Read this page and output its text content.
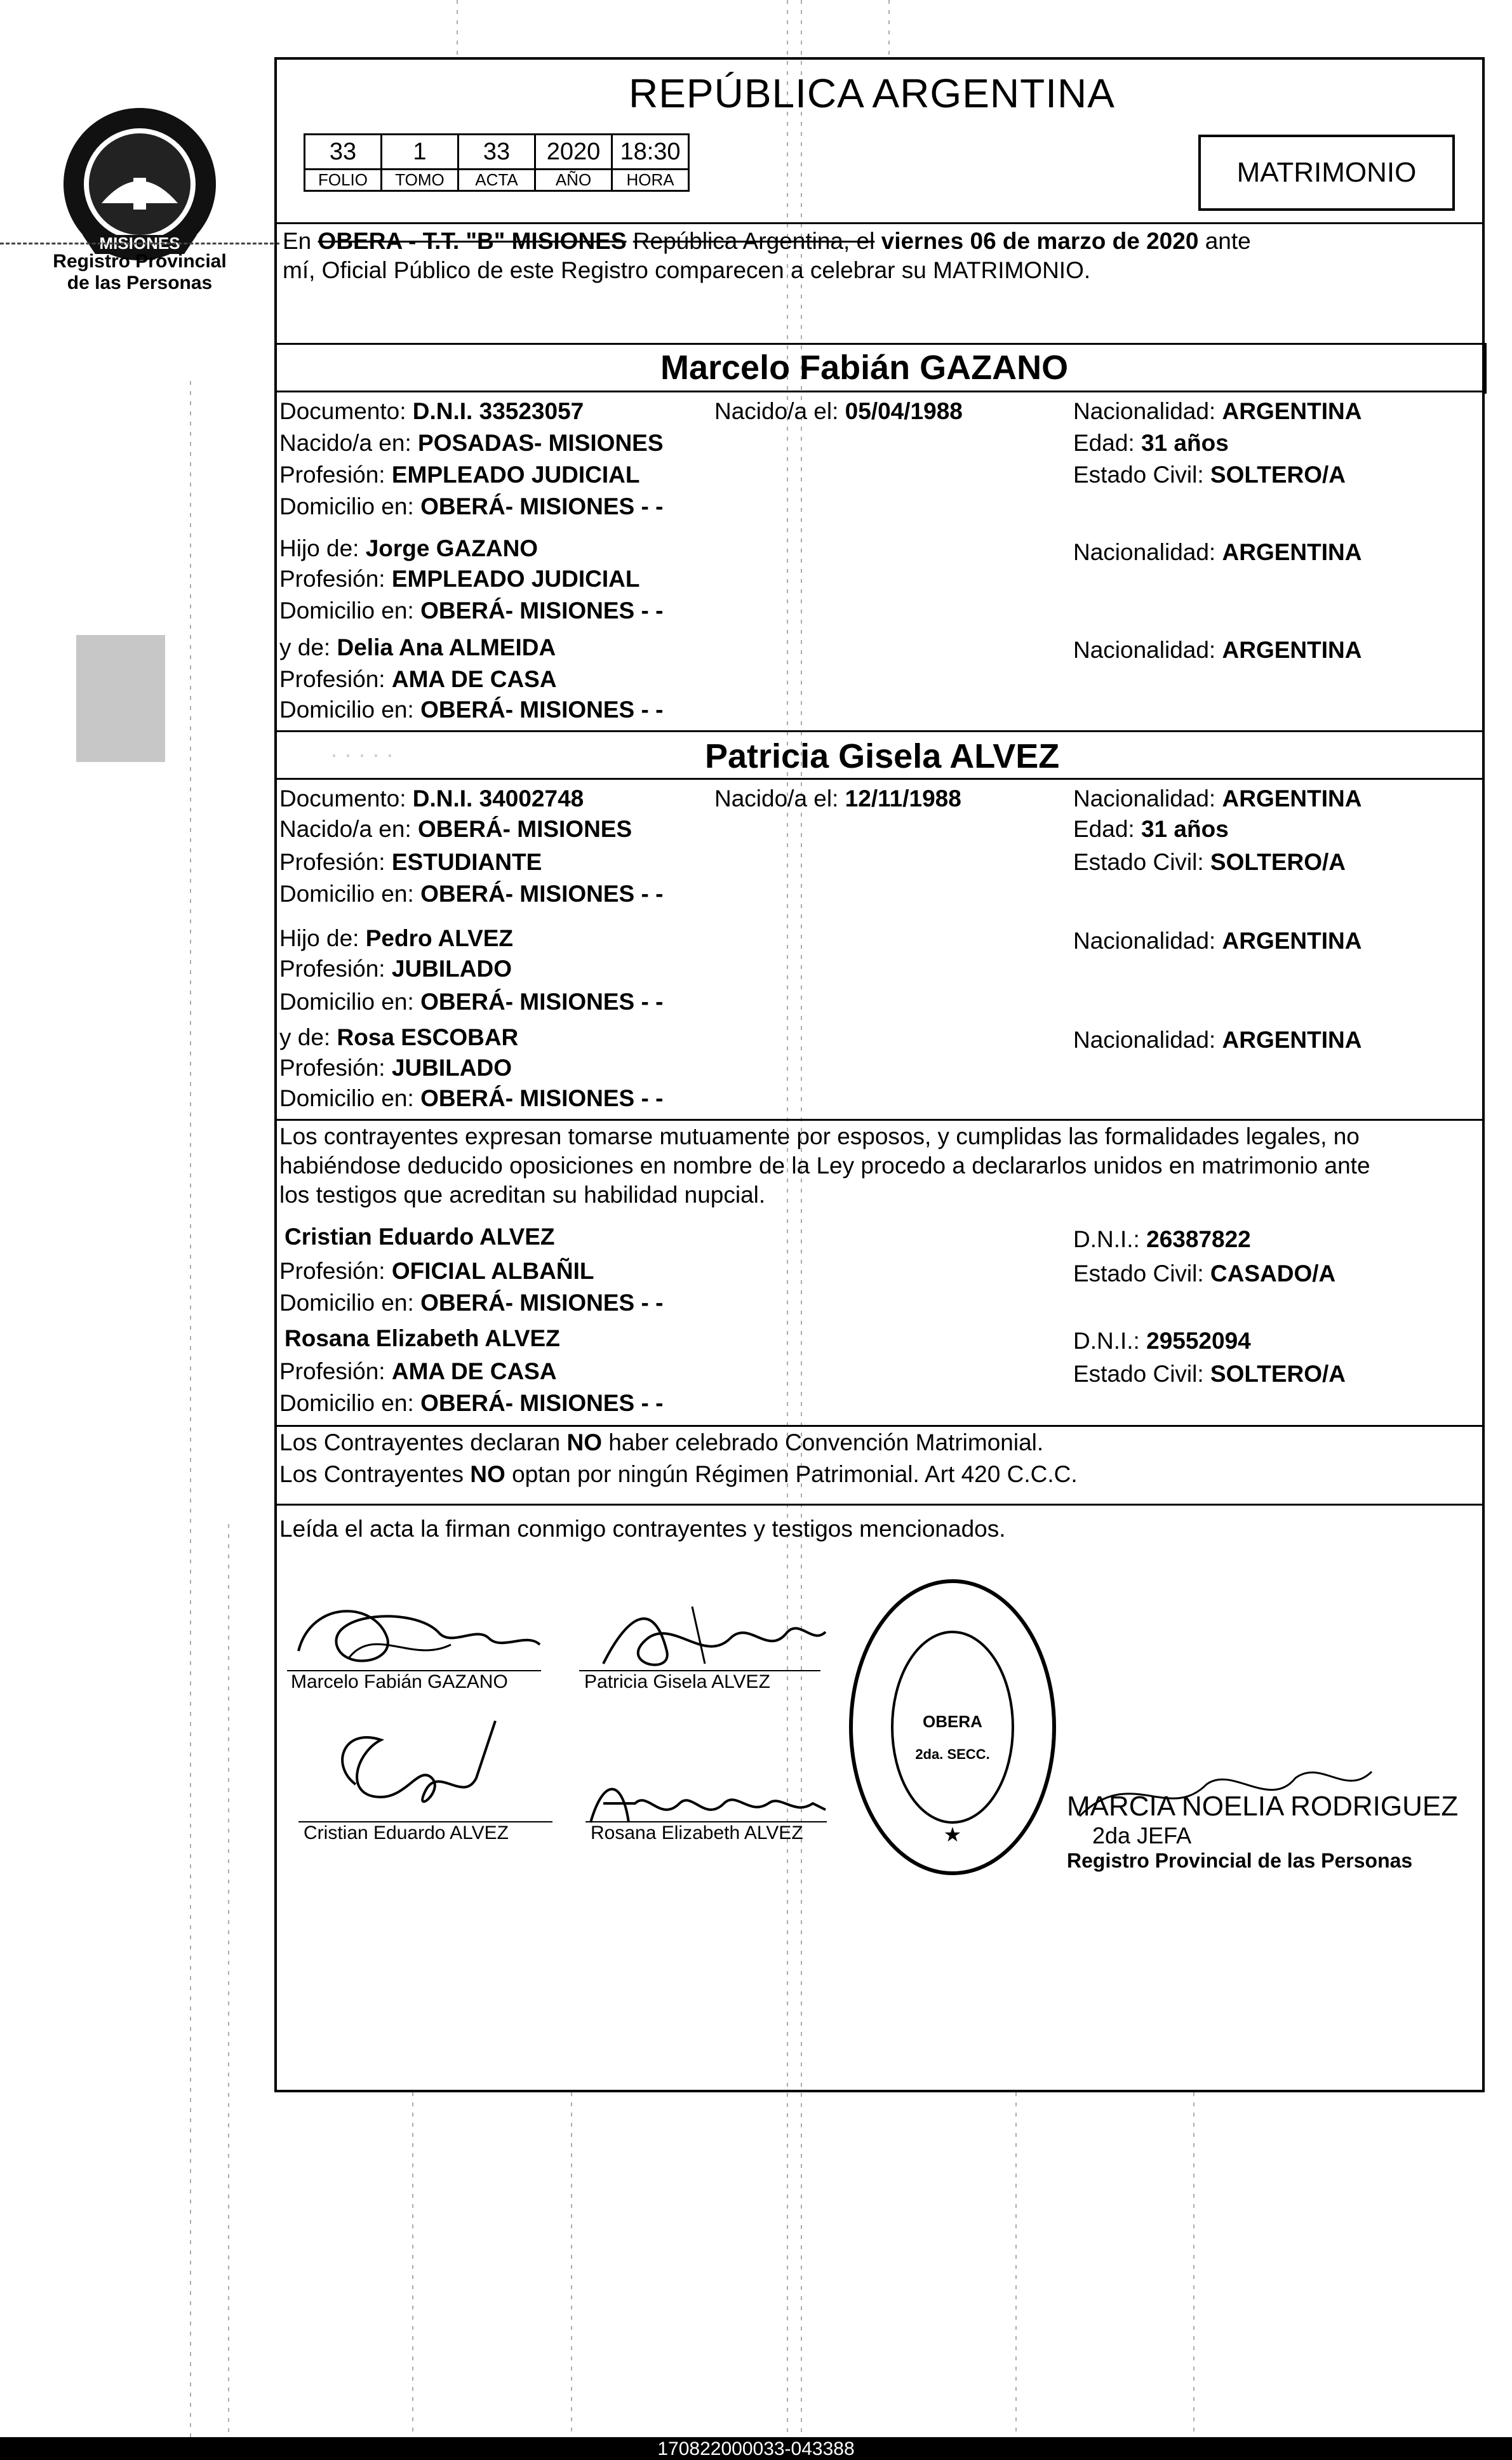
· · · · ·
MISIONES
Registro Provincial
de las Personas
REPÚBLICA ARGENTINA
33	1	33	2020	18:30
FOLIO	TOMO	ACTA	AÑO	HORA	MATRIMONIO
En OBERA - T.T. "B" MISIONES República Argentina, el viernes 06 de marzo de 2020 ante
mí, Oficial Público de este Registro comparecen a celebrar su MATRIMONIO.
Marcelo Fabián GAZANO
Documento: D.N.I. 33523057	Nacido/a el: 05/04/1988	Nacionalidad: ARGENTINA
Nacido/a en: POSADAS- MISIONES	Edad: 31 años
Profesión: EMPLEADO JUDICIAL	Estado Civil: SOLTERO/A
Domicilio en: OBERÁ- MISIONES - -
Hijo de: Jorge GAZANO	Nacionalidad: ARGENTINA
Profesión: EMPLEADO JUDICIAL
Domicilio en: OBERÁ- MISIONES - -
y de: Delia Ana ALMEIDA	Nacionalidad: ARGENTINA
Profesión: AMA DE CASA
Domicilio en: OBERÁ- MISIONES - -
Patricia Gisela ALVEZ
Documento: D.N.I. 34002748	Nacido/a el: 12/11/1988	Nacionalidad: ARGENTINA
Nacido/a en: OBERÁ- MISIONES	Edad: 31 años
Profesión: ESTUDIANTE	Estado Civil: SOLTERO/A
Domicilio en: OBERÁ- MISIONES - -
Hijo de: Pedro ALVEZ	Nacionalidad: ARGENTINA
Profesión: JUBILADO
Domicilio en: OBERÁ- MISIONES - -
y de: Rosa ESCOBAR	Nacionalidad: ARGENTINA
Profesión: JUBILADO
Domicilio en: OBERÁ- MISIONES - -
Los contrayentes expresan tomarse mutuamente por esposos, y cumplidas las formalidades legales, no
habiéndose deducido oposiciones en nombre de la Ley procedo a declararlos unidos en matrimonio ante
los testigos que acreditan su habilidad nupcial.
Cristian Eduardo ALVEZ	D.N.I.: 26387822
Profesión: OFICIAL ALBAÑIL	Estado Civil: CASADO/A
Domicilio en: OBERÁ- MISIONES - -
Rosana Elizabeth ALVEZ	D.N.I.: 29552094
Profesión: AMA DE CASA	Estado Civil: SOLTERO/A
Domicilio en: OBERÁ- MISIONES - -
Los Contrayentes declaran NO haber celebrado Convención Matrimonial.
Los Contrayentes NO optan por ningún Régimen Patrimonial. Art 420 C.C.C.
Leída el acta la firman conmigo contrayentes y testigos mencionados.
Marcelo Fabián GAZANO	Patricia Gisela ALVEZ
Cristian Eduardo ALVEZ	Rosana Elizabeth ALVEZ
OBERA
2da. SECC.
★
MARCIA NOELIA RODRIGUEZ
2da JEFA
Registro Provincial de las Personas
170822000033-043388
